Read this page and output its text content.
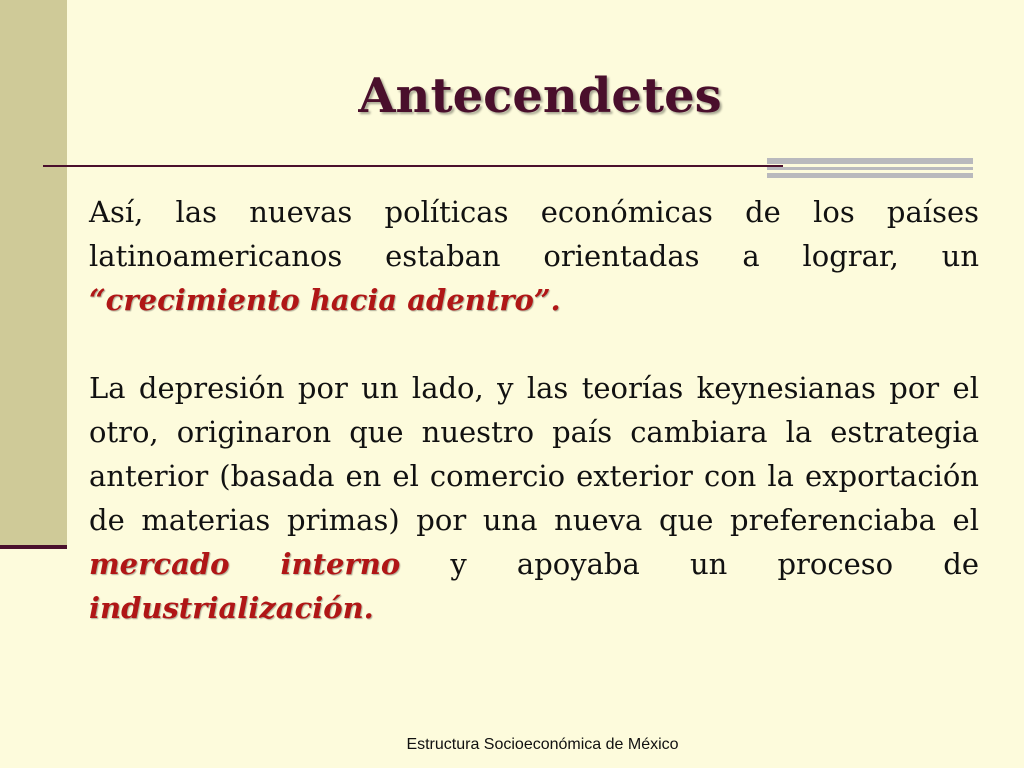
Antecendetes

Así, las nuevas políticas económicas de los países latinoamericanos estaban orientadas a lograr, un “crecimiento hacia adentro”.

La depresión por un lado, y las teorías keynesianas por el otro, originaron que nuestro país cambiara la estrategia anterior (basada en el comercio exterior con la exportación de materias primas) por una nueva que preferenciaba el mercado interno y apoyaba un proceso de industrialización.

Estructura Socioeconómica de México
